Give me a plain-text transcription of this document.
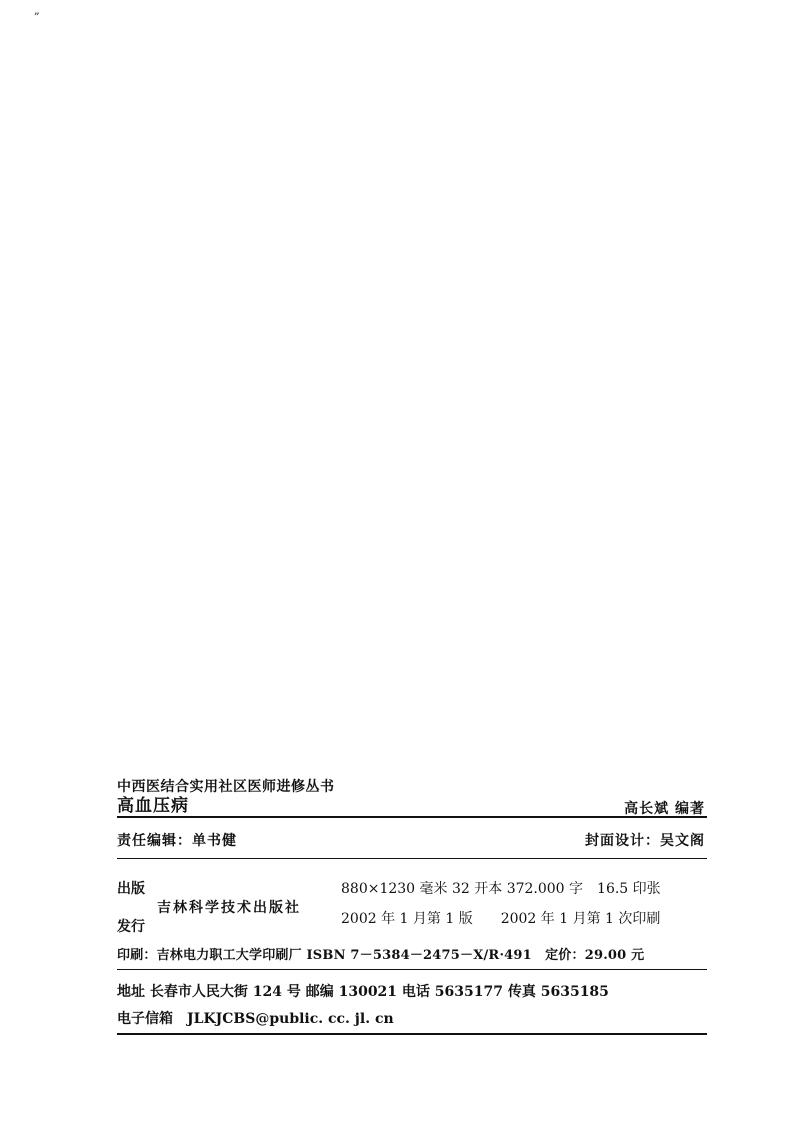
„
中西医结合实用社区医师进修丛书
高血压病	高长斌 编著
责任编辑：单书健	封面设计：吴文阁
出版
吉林科学技术出版社
发行
880×1230 毫米 32 开本 372.000 字　16.5 印张
2002 年 1 月第 1 版　　2002 年 1 月第 1 次印刷
印刷：吉林电力职工大学印刷厂 ISBN 7－5384－2475－X/R·491　定价：29.00 元
地址 长春市人民大街 124 号 邮编 130021 电话 5635177 传真 5635185
电子信箱　JLKJCBS@public. cc. jl. cn
